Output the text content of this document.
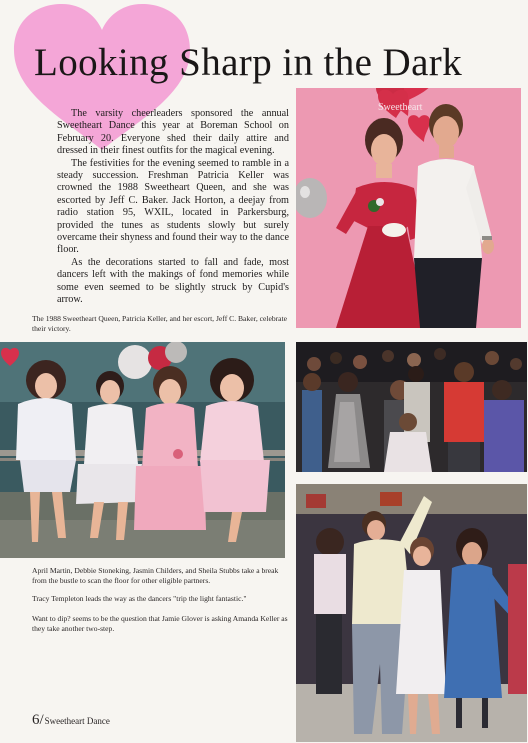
Looking Sharp in the Dark

The varsity cheerleaders sponsored the annual Sweetheart Dance this year at Boreman School on February 20. Everyone shed their daily attire and dressed in their finest outfits for the magical evening.

The festivities for the evening seemed to ramble in a steady succession. Freshman Patricia Keller was crowned the 1988 Sweetheart Queen, and she was escorted by Jeff C. Baker. Jack Horton, a deejay from radio station 95, WXIL, located in Parkersburg, provided the tunes as students slowly but surely overcame their shyness and found their way to the dance floor.

As the decorations started to fall and fade, most dancers left with the makings of fond memories while some even seemed to be slightly struck by Cupid's arrow.

Sweetheart
The 1988 Sweetheart Queen, Patricia Keller, and her escort, Jeff C. Baker, celebrate their victory.
April Martin, Debbie Stoneking, Jasmin Childers, and Sheila Stubbs take a break from the bustle to scan the floor for other eligible partners.
Tracy Templeton leads the way as the dancers "trip the light fantastic."
Want to dip? seems to be the question that Jamie Glover is asking Amanda Keller as they take another two-step.
6/Sweetheart Dance
